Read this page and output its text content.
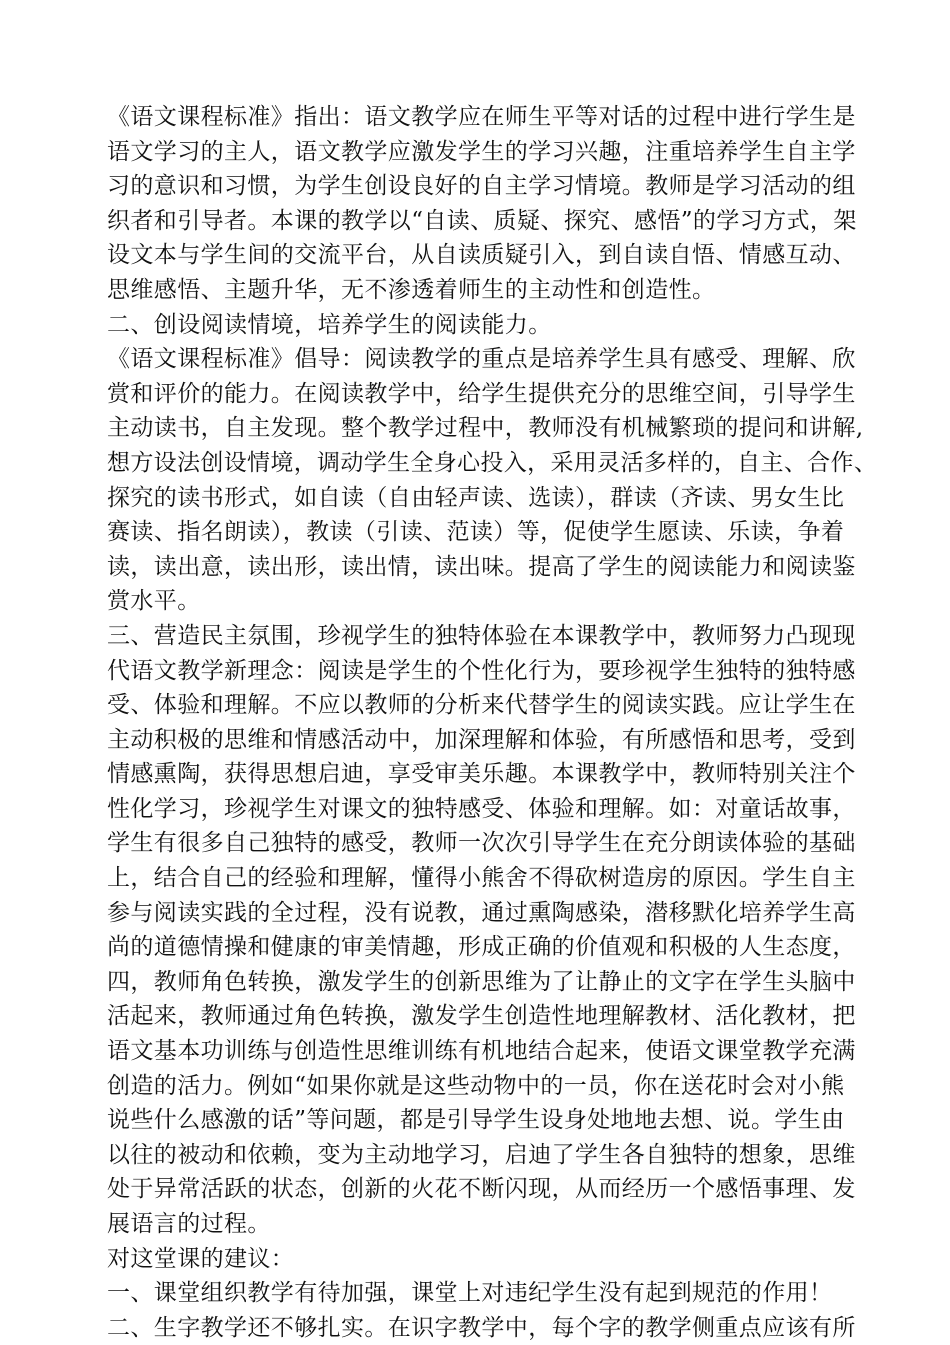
《语文课程标准》指出：语文教学应在师生平等对话的过程中进行学生是
语文学习的主人，语文教学应激发学生的学习兴趣，注重培养学生自主学
习的意识和习惯，为学生创设良好的自主学习情境。教师是学习活动的组
织者和引导者。本课的教学以“自读、质疑、探究、感悟”的学习方式，架
设文本与学生间的交流平台，从自读质疑引入，到自读自悟、情感互动、
思维感悟、主题升华，无不渗透着师生的主动性和创造性。
二、创设阅读情境，培养学生的阅读能力。
《语文课程标准》倡导：阅读教学的重点是培养学生具有感受、理解、欣
赏和评价的能力。在阅读教学中，给学生提供充分的思维空间，引导学生
主动读书，自主发现。整个教学过程中，教师没有机械繁琐的提问和讲解,
想方设法创设情境，调动学生全身心投入，采用灵活多样的，自主、合作、
探究的读书形式，如自读（自由轻声读、选读），群读（齐读、男女生比
赛读、指名朗读），教读（引读、范读）等，促使学生愿读、乐读，争着
读，读出意，读出形，读出情，读出味。提高了学生的阅读能力和阅读鉴
赏水平。
三、营造民主氛围，珍视学生的独特体验在本课教学中，教师努力凸现现
代语文教学新理念：阅读是学生的个性化行为，要珍视学生独特的独特感
受、体验和理解。不应以教师的分析来代替学生的阅读实践。应让学生在
主动积极的思维和情感活动中，加深理解和体验，有所感悟和思考，受到
情感熏陶，获得思想启迪，享受审美乐趣。本课教学中，教师特别关注个
性化学习，珍视学生对课文的独特感受、体验和理解。如：对童话故事，
学生有很多自己独特的感受，教师一次次引导学生在充分朗读体验的基础
上，结合自己的经验和理解，懂得小熊舍不得砍树造房的原因。学生自主
参与阅读实践的全过程，没有说教，通过熏陶感染，潜移默化培养学生高
尚的道德情操和健康的审美情趣，形成正确的价值观和积极的人生态度，
四，教师角色转换，激发学生的创新思维为了让静止的文字在学生头脑中
活起来，教师通过角色转换，激发学生创造性地理解教材、活化教材，把
语文基本功训练与创造性思维训练有机地结合起来，使语文课堂教学充满
创造的活力。例如“如果你就是这些动物中的一员，你在送花时会对小熊
说些什么感激的话”等问题，都是引导学生设身处地地去想、说。学生由
以往的被动和依赖，变为主动地学习，启迪了学生各自独特的想象，思维
处于异常活跃的状态，创新的火花不断闪现，从而经历一个感悟事理、发
展语言的过程。
对这堂课的建议：
一、课堂组织教学有待加强，课堂上对违纪学生没有起到规范的作用！
二、生字教学还不够扎实。在识字教学中，每个字的教学侧重点应该有所
